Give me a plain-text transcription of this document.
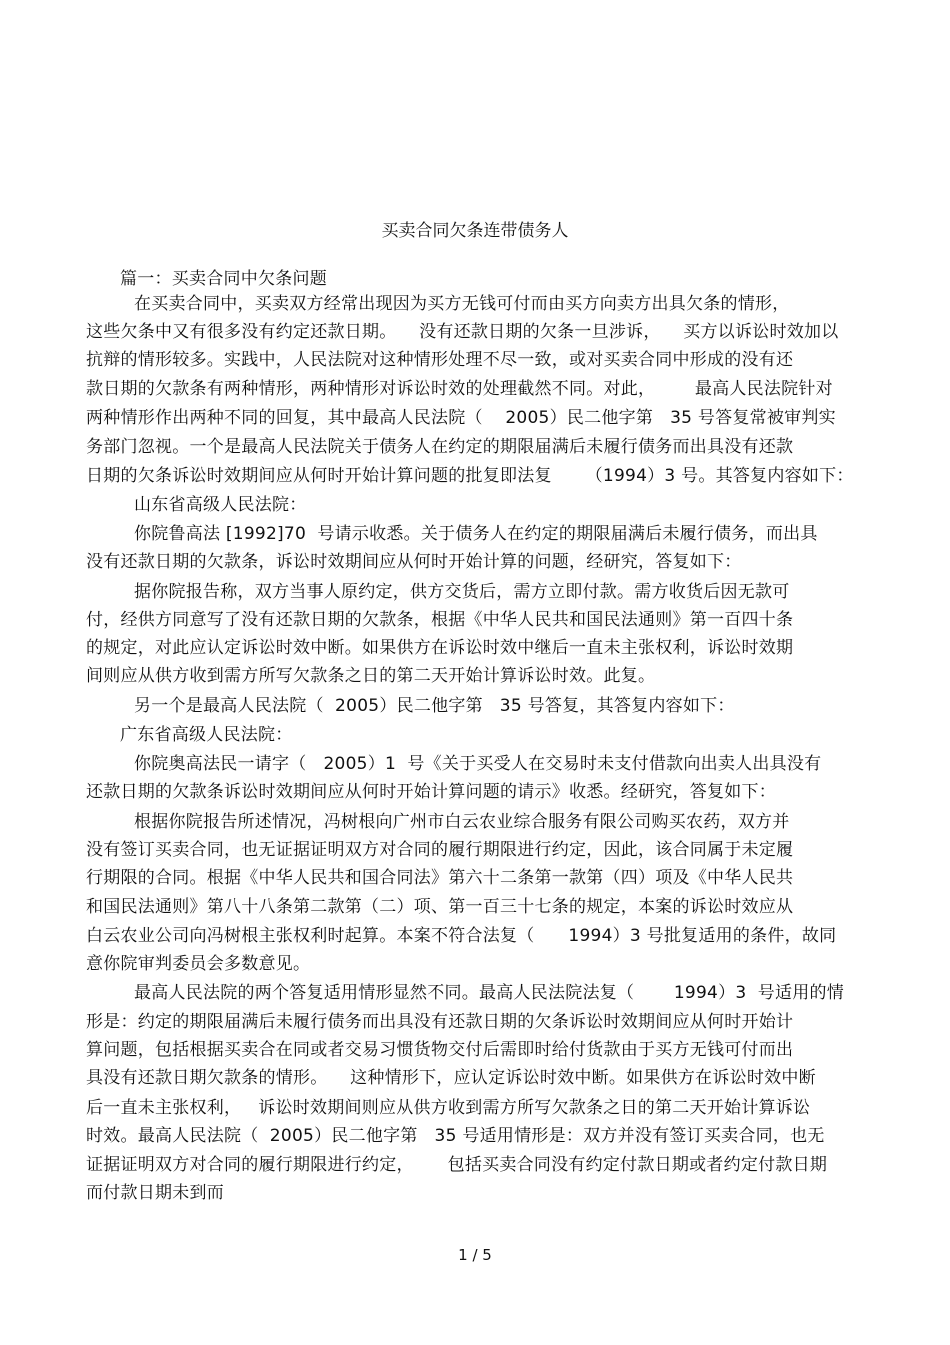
买卖合同欠条连带债务人
篇一：买卖合同中欠条问题
在买卖合同中，买卖双方经常出现因为买方无钱可付而由买方向卖方出具欠条的情形，
这些欠条中又有很多没有约定还款日期。    没有还款日期的欠条一旦涉诉，    买方以诉讼时效加以
抗辩的情形较多。实践中，人民法院对这种情形处理不尽一致，或对买卖合同中形成的没有还
款日期的欠款条有两种情形，两种情形对诉讼时效的处理截然不同。对此，       最高人民法院针对
两种情形作出两种不同的回复，其中最高人民法院（    2005）民二他字第   35 号答复常被审判实
务部门忽视。一个是最高人民法院关于债务人在约定的期限届满后未履行债务而出具没有还款
日期的欠条诉讼时效期间应从何时开始计算问题的批复即法复      （1994）3 号。其答复内容如下：
山东省高级人民法院：
你院鲁高法 [1992]70  号请示收悉。关于债务人在约定的期限届满后未履行债务，而出具
没有还款日期的欠款条，诉讼时效期间应从何时开始计算的问题，经研究，答复如下：
据你院报告称，双方当事人原约定，供方交货后，需方立即付款。需方收货后因无款可
付，经供方同意写了没有还款日期的欠款条，根据《中华人民共和国民法通则》第一百四十条
的规定，对此应认定诉讼时效中断。如果供方在诉讼时效中继后一直未主张权利，诉讼时效期
间则应从供方收到需方所写欠款条之日的第二天开始计算诉讼时效。此复。
另一个是最高人民法院（  2005）民二他字第   35 号答复，其答复内容如下：
广东省高级人民法院：
你院奥高法民一请字（   2005）1  号《关于买受人在交易时未支付借款向出卖人出具没有
还款日期的欠款条诉讼时效期间应从何时开始计算问题的请示》收悉。经研究，答复如下：
根据你院报告所述情况，冯树根向广州市白云农业综合服务有限公司购买农药，双方并
没有签订买卖合同，也无证据证明双方对合同的履行期限进行约定，因此，该合同属于未定履
行期限的合同。根据《中华人民共和国合同法》第六十二条第一款第（四）项及《中华人民共
和国民法通则》第八十八条第二款第（二）项、第一百三十七条的规定，本案的诉讼时效应从
白云农业公司向冯树根主张权利时起算。本案不符合法复（      1994）3 号批复适用的条件，故同
意你院审判委员会多数意见。
最高人民法院的两个答复适用情形显然不同。最高人民法院法复（       1994）3  号适用的情
形是：约定的期限届满后未履行债务而出具没有还款日期的欠条诉讼时效期间应从何时开始计
算问题，包括根据买卖合在同或者交易习惯货物交付后需即时给付货款由于买方无钱可付而出
具没有还款日期欠款条的情形。    这种情形下，应认定诉讼时效中断。如果供方在诉讼时效中断
后一直未主张权利，   诉讼时效期间则应从供方收到需方所写欠款条之日的第二天开始计算诉讼
时效。最高人民法院（  2005）民二他字第   35 号适用情形是：双方并没有签订买卖合同，也无
证据证明双方对合同的履行期限进行约定，      包括买卖合同没有约定付款日期或者约定付款日期
而付款日期未到而
1 / 5
